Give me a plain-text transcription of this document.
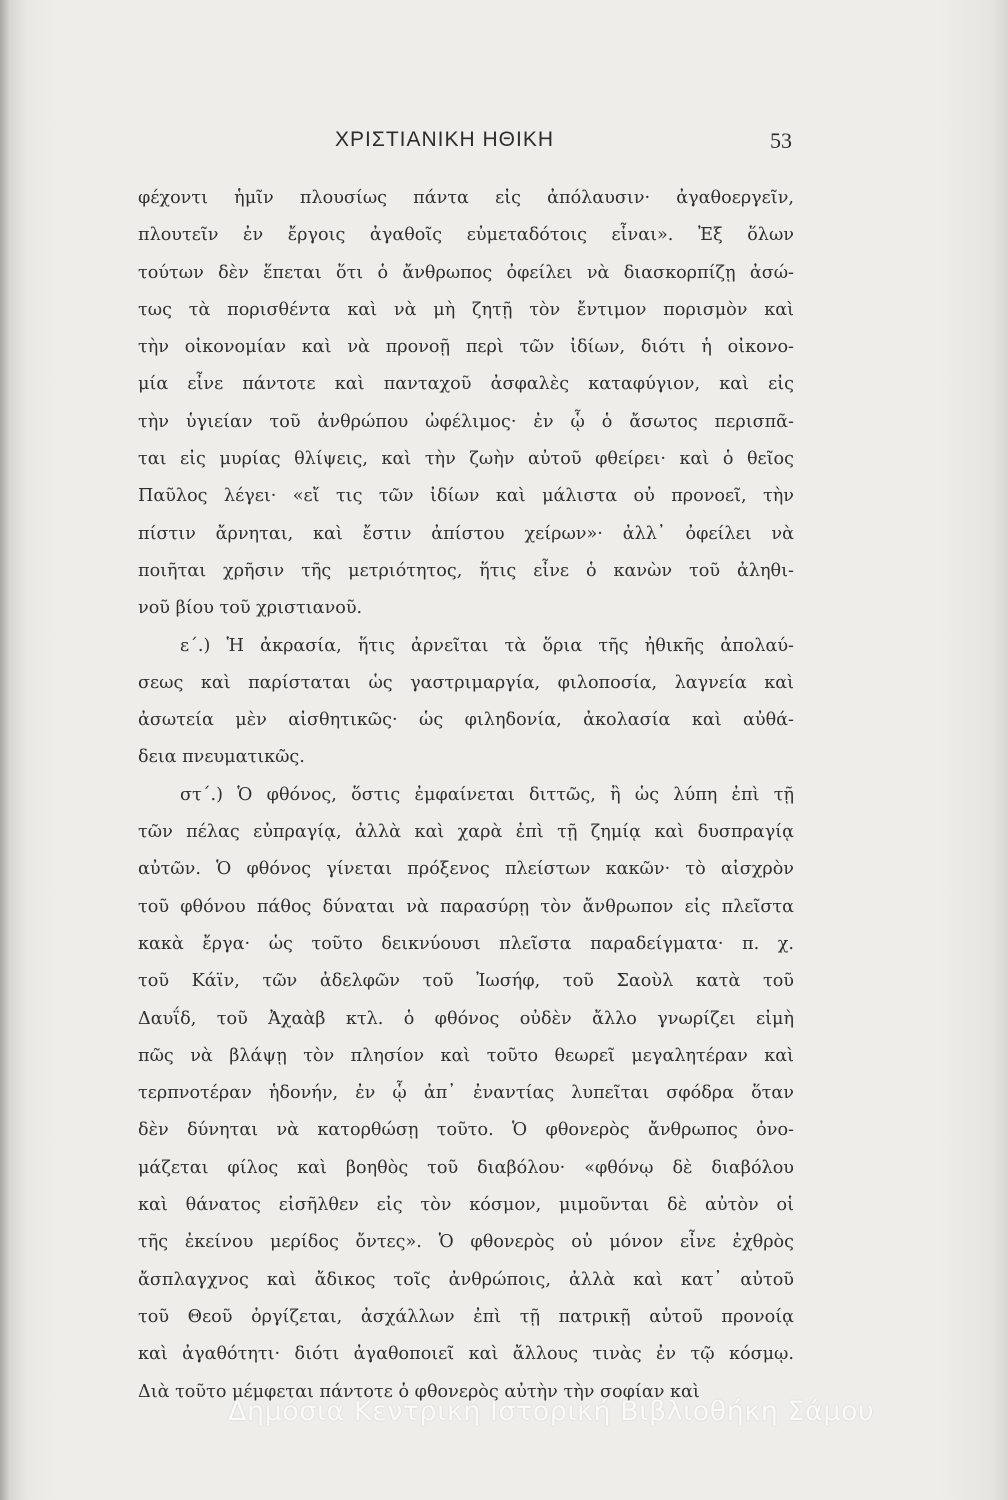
ΧΡΙΣΤΙΑΝΙΚΗ ΗΘΙΚΗ	53
φέχοντι ἡμῖν πλουσίως πάντα εἰς ἀπόλαυσιν· ἀγαθοεργεῖν,
πλουτεῖν ἐν ἔργοις ἀγαθοῖς εὐμεταδότοις εἶναι». Ἐξ ὅλων
τούτων δὲν ἕπεται ὅτι ὁ ἄνθρωπος ὀφείλει νὰ διασκορπίζῃ ἀσώ-
τως τὰ πορισθέντα καὶ νὰ μὴ ζητῇ τὸν ἔντιμον πορισμὸν καὶ
τὴν οἰκονομίαν καὶ νὰ προνοῇ περὶ τῶν ἰδίων, διότι ἡ οἰκονο-
μία εἶνε πάντοτε καὶ πανταχοῦ ἀσφαλὲς καταφύγιον, καὶ εἰς
τὴν ὑγιείαν τοῦ ἀνθρώπου ὠφέλιμος· ἐν ᾧ ὁ ἄσωτος περισπᾶ-
ται εἰς μυρίας θλίψεις, καὶ τὴν ζωὴν αὐτοῦ φθείρει· καὶ ὁ θεῖος
Παῦλος λέγει· «εἴ τις τῶν ἰδίων καὶ μάλιστα οὐ προνοεῖ, τὴν
πίστιν ἄρνηται, καὶ ἔστιν ἀπίστου χείρων»· ἀλλ᾽ ὀφείλει νὰ
ποιῆται χρῆσιν τῆς μετριότητος, ἥτις εἶνε ὁ κανὼν τοῦ ἀληθι-
νοῦ βίου τοῦ χριστιανοῦ.
ε΄.) Ἡ ἀκρασία, ἥτις ἀρνεῖται τὰ ὅρια τῆς ἠθικῆς ἀπολαύ-
σεως καὶ παρίσταται ὡς γαστριμαργία, φιλοποσία, λαγνεία καὶ
ἀσωτεία μὲν αἰσθητικῶς· ὡς φιληδονία, ἀκολασία καὶ αὐθά-
δεια πνευματικῶς.
στ΄.) Ὁ φθόνος, ὅστις ἐμφαίνεται διττῶς, ἢ ὡς λύπη ἐπὶ τῇ
τῶν πέλας εὐπραγίᾳ, ἀλλὰ καὶ χαρὰ ἐπὶ τῇ ζημίᾳ καὶ δυσπραγίᾳ
αὐτῶν. Ὁ φθόνος γίνεται πρόξενος πλείστων κακῶν· τὸ αἰσχρὸν
τοῦ φθόνου πάθος δύναται νὰ παρασύρῃ τὸν ἄνθρωπον εἰς πλεῖστα
κακὰ ἔργα· ὡς τοῦτο δεικνύουσι πλεῖστα παραδείγματα· π. χ.
τοῦ Κάϊν, τῶν ἀδελφῶν τοῦ Ἰωσήφ, τοῦ Σαοὺλ κατὰ τοῦ
Δαυΐδ, τοῦ Ἀχαὰβ κτλ. ὁ φθόνος οὐδὲν ἄλλο γνωρίζει εἰμὴ
πῶς νὰ βλάψῃ τὸν πλησίον καὶ τοῦτο θεωρεῖ μεγαλητέραν καὶ
τερπνοτέραν ἡδονήν, ἐν ᾧ ἀπ᾽ ἐναντίας λυπεῖται σφόδρα ὅταν
δὲν δύνηται νὰ κατορθώσῃ τοῦτο. Ὁ φθονερὸς ἄνθρωπος ὀνο-
μάζεται φίλος καὶ βοηθὸς τοῦ διαβόλου· «φθόνῳ δὲ διαβόλου
καὶ θάνατος εἰσῆλθεν εἰς τὸν κόσμον, μιμοῦνται δὲ αὐτὸν οἱ
τῆς ἐκείνου μερίδος ὄντες». Ὁ φθονερὸς οὐ μόνον εἶνε ἐχθρὸς
ἄσπλαγχνος καὶ ἄδικος τοῖς ἀνθρώποις, ἀλλὰ καὶ κατ᾽ αὐτοῦ
τοῦ Θεοῦ ὀργίζεται, ἀσχάλλων ἐπὶ τῇ πατρικῇ αὐτοῦ προνοίᾳ
καὶ ἀγαθότητι· διότι ἀγαθοποιεῖ καὶ ἄλλους τινὰς ἐν τῷ κόσμῳ.
Διὰ τοῦτο μέμφεται πάντοτε ὁ φθονερὸς αὐτὴν τὴν σοφίαν καὶ
Δημόσια Κεντρική Ιστορική Βιβλιοθήκη Σάμου
